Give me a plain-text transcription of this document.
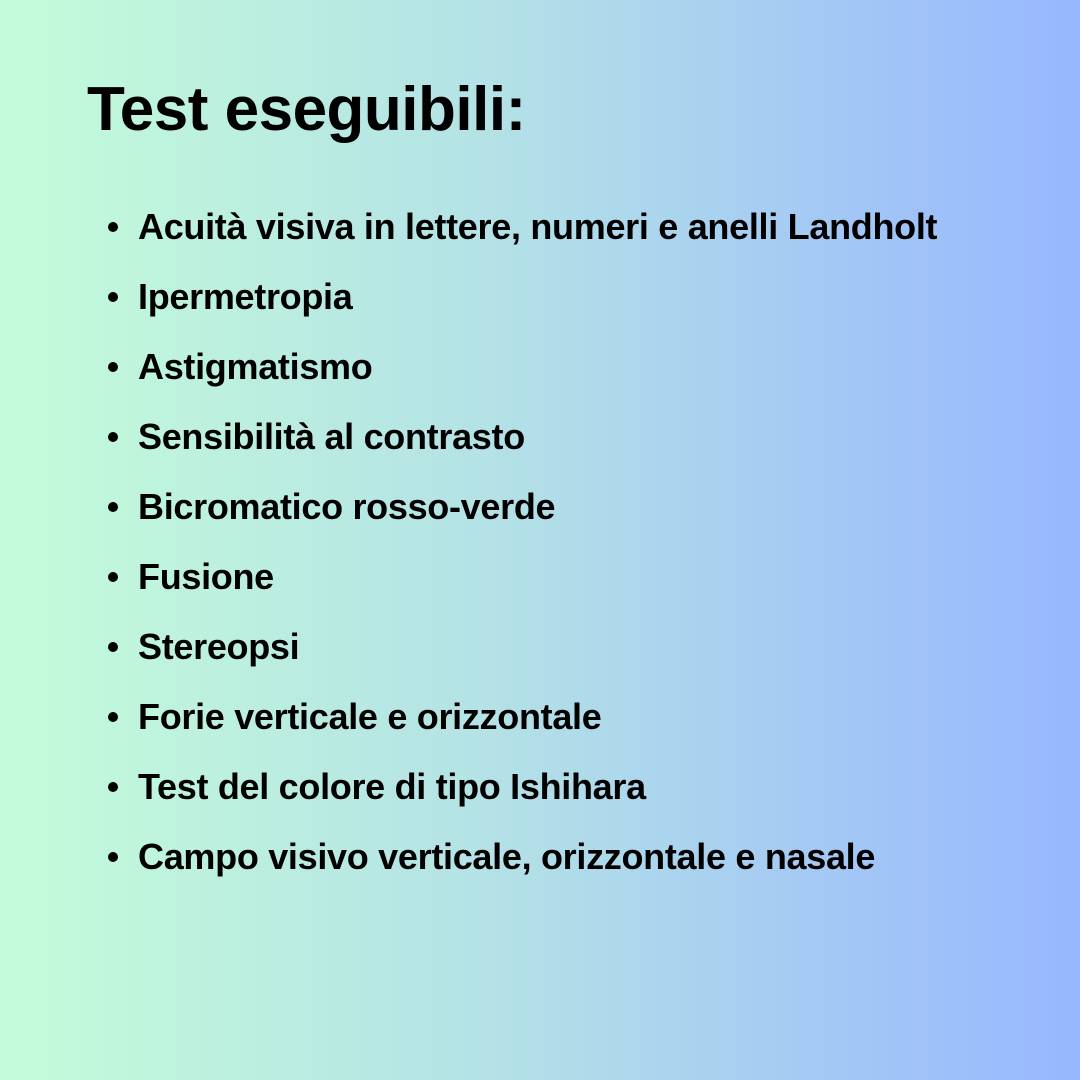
Test eseguibili:
Acuità visiva in lettere, numeri e anelli Landholt
Ipermetropia
Astigmatismo
Sensibilità al contrasto
Bicromatico rosso-verde
Fusione
Stereopsi
Forie verticale e orizzontale
Test del colore di tipo Ishihara
Campo visivo verticale, orizzontale e nasale
